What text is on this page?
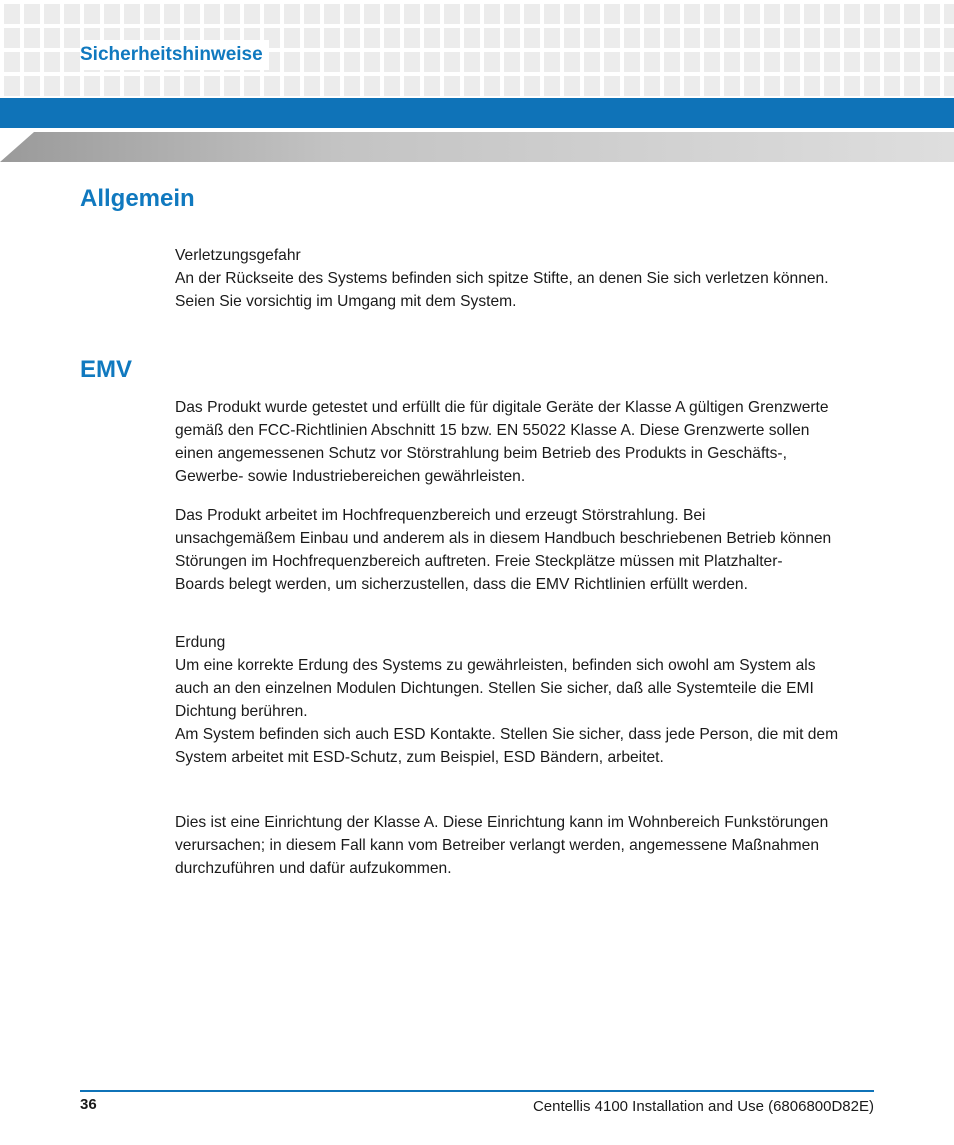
Sicherheitshinweise
Allgemein
Verletzungsgefahr
An der Rückseite des Systems befinden sich spitze Stifte, an denen Sie sich verletzen können.
Seien Sie vorsichtig im Umgang mit dem System.
EMV
Das Produkt wurde getestet und erfüllt die für digitale Geräte der Klasse A gültigen Grenzwerte
gemäß den FCC-Richtlinien Abschnitt 15 bzw. EN 55022 Klasse A. Diese Grenzwerte sollen
einen angemessenen Schutz vor Störstrahlung beim Betrieb des Produkts in Geschäfts-,
Gewerbe- sowie Industriebereichen gewährleisten.
Das Produkt arbeitet im Hochfrequenzbereich und erzeugt Störstrahlung. Bei
unsachgemäßem Einbau und anderem als in diesem Handbuch beschriebenen Betrieb können
Störungen im Hochfrequenzbereich auftreten. Freie Steckplätze müssen mit Platzhalter-
Boards belegt werden, um sicherzustellen, dass die EMV Richtlinien erfüllt werden.
Erdung
Um eine korrekte Erdung des Systems zu gewährleisten, befinden sich owohl am System als
auch an den einzelnen Modulen Dichtungen. Stellen Sie sicher, daß alle Systemteile die EMI
Dichtung berühren.
Am System befinden sich auch ESD Kontakte. Stellen Sie sicher, dass jede Person, die mit dem
System arbeitet mit ESD-Schutz, zum Beispiel, ESD Bändern, arbeitet.
Dies ist eine Einrichtung der Klasse A. Diese Einrichtung kann im Wohnbereich Funkstörungen
verursachen; in diesem Fall kann vom Betreiber verlangt werden, angemessene Maßnahmen
durchzuführen und dafür aufzukommen.
36	Centellis 4100 Installation and Use (6806800D82E)
